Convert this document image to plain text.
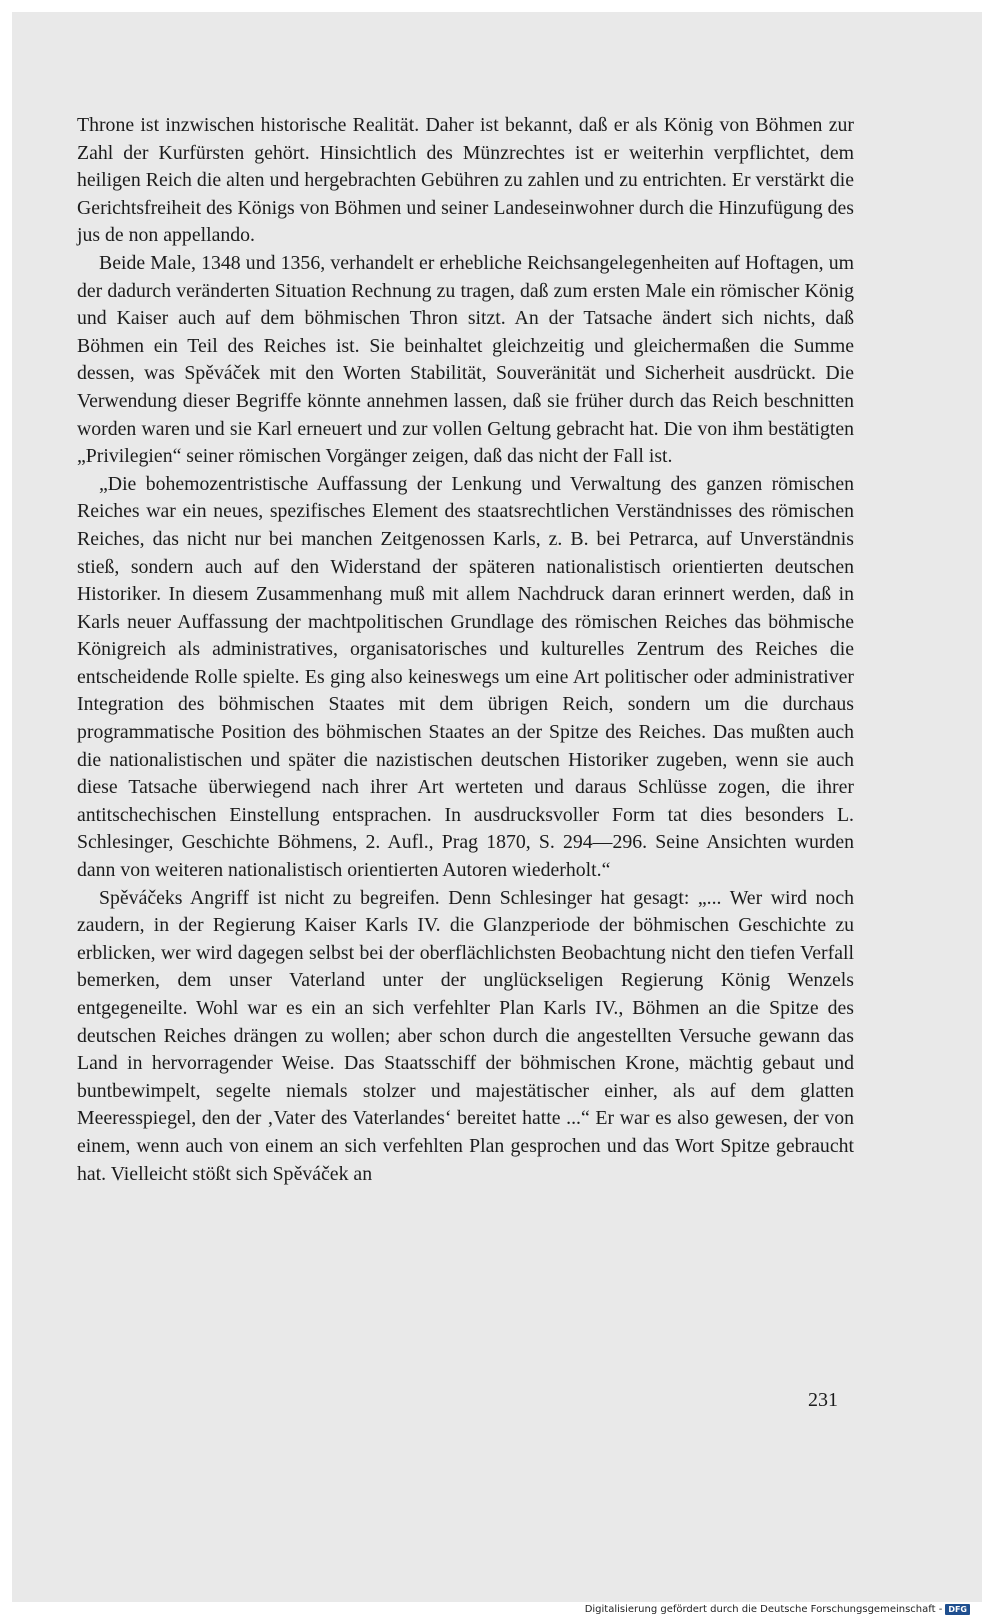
Throne ist inzwischen historische Realität. Daher ist bekannt, daß er als König von Böhmen zur Zahl der Kurfürsten gehört. Hinsichtlich des Münzrechtes ist er weiterhin verpflichtet, dem heiligen Reich die alten und hergebrachten Gebühren zu zahlen und zu entrichten. Er verstärkt die Gerichtsfreiheit des Königs von Böhmen und seiner Landeseinwohner durch die Hinzufügung des jus de non appellando.

Beide Male, 1348 und 1356, verhandelt er erhebliche Reichsangelegenheiten auf Hoftagen, um der dadurch veränderten Situation Rechnung zu tragen, daß zum ersten Male ein römischer König und Kaiser auch auf dem böhmischen Thron sitzt. An der Tatsache ändert sich nichts, daß Böhmen ein Teil des Reiches ist. Sie beinhaltet gleichzeitig und gleichermaßen die Summe dessen, was Spěváček mit den Worten Stabilität, Souveränität und Sicherheit ausdrückt. Die Verwendung dieser Begriffe könnte annehmen lassen, daß sie früher durch das Reich beschnitten worden waren und sie Karl erneuert und zur vollen Geltung gebracht hat. Die von ihm bestätigten „Privilegien“ seiner römischen Vorgänger zeigen, daß das nicht der Fall ist.

„Die bohemozentristische Auffassung der Lenkung und Verwaltung des ganzen römischen Reiches war ein neues, spezifisches Element des staatsrechtlichen Verständnisses des römischen Reiches, das nicht nur bei manchen Zeitgenossen Karls, z. B. bei Petrarca, auf Unverständnis stieß, sondern auch auf den Widerstand der späteren nationalistisch orientierten deutschen Historiker. In diesem Zusammenhang muß mit allem Nachdruck daran erinnert werden, daß in Karls neuer Auffassung der machtpolitischen Grundlage des römischen Reiches das böhmische Königreich als administratives, organisatorisches und kulturelles Zentrum des Reiches die entscheidende Rolle spielte. Es ging also keineswegs um eine Art politischer oder administrativer Integration des böhmischen Staates mit dem übrigen Reich, sondern um die durchaus programmatische Position des böhmischen Staates an der Spitze des Reiches. Das mußten auch die nationalistischen und später die nazistischen deutschen Historiker zugeben, wenn sie auch diese Tatsache überwiegend nach ihrer Art werteten und daraus Schlüsse zogen, die ihrer antitschechischen Einstellung entsprachen. In ausdrucksvoller Form tat dies besonders L. Schlesinger, Geschichte Böhmens, 2. Aufl., Prag 1870, S. 294—296. Seine Ansichten wurden dann von weiteren nationalistisch orientierten Autoren wiederholt.“

Spěváčeks Angriff ist nicht zu begreifen. Denn Schlesinger hat gesagt: „... Wer wird noch zaudern, in der Regierung Kaiser Karls IV. die Glanzperiode der böhmischen Geschichte zu erblicken, wer wird dagegen selbst bei der oberflächlichsten Beobachtung nicht den tiefen Verfall bemerken, dem unser Vaterland unter der unglückseligen Regierung König Wenzels entgegeneilte. Wohl war es ein an sich verfehlter Plan Karls IV., Böhmen an die Spitze des deutschen Reiches drängen zu wollen; aber schon durch die angestellten Versuche gewann das Land in hervorragender Weise. Das Staatsschiff der böhmischen Krone, mächtig gebaut und buntbewimpelt, segelte niemals stolzer und majestätischer einher, als auf dem glatten Meeresspiegel, den der ‚Vater des Vaterlandes‘ bereitet hatte ...“ Er war es also gewesen, der von einem, wenn auch von einem an sich verfehlten Plan gesprochen und das Wort Spitze gebraucht hat. Vielleicht stößt sich Spěváček an

231
Digitalisierung gefördert durch die Deutsche Forschungsgemeinschaft - DFG
